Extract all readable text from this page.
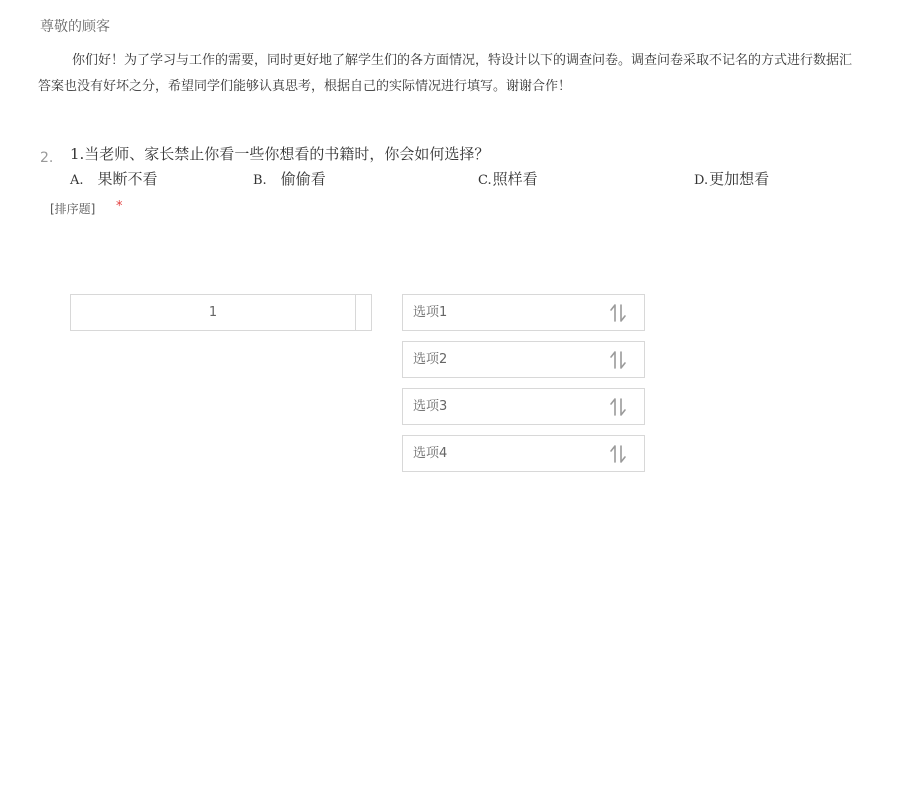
尊敬的顾客
你们好！为了学习与工作的需要，同时更好地了解学生们的各方面情况，特设计以下的调查问卷。调查问卷采取不记名的方式进行数据汇
答案也没有好坏之分，希望同学们能够认真思考，根据自己的实际情况进行填写。谢谢合作！
2. 1.当老师、家长禁止你看一些你想看的书籍时，你会如何选择？
A. 果断不看	B. 偷偷看	C.照样看	D.更加想看
[排序题] *
1	选项1
选项2
选项3
选项4
